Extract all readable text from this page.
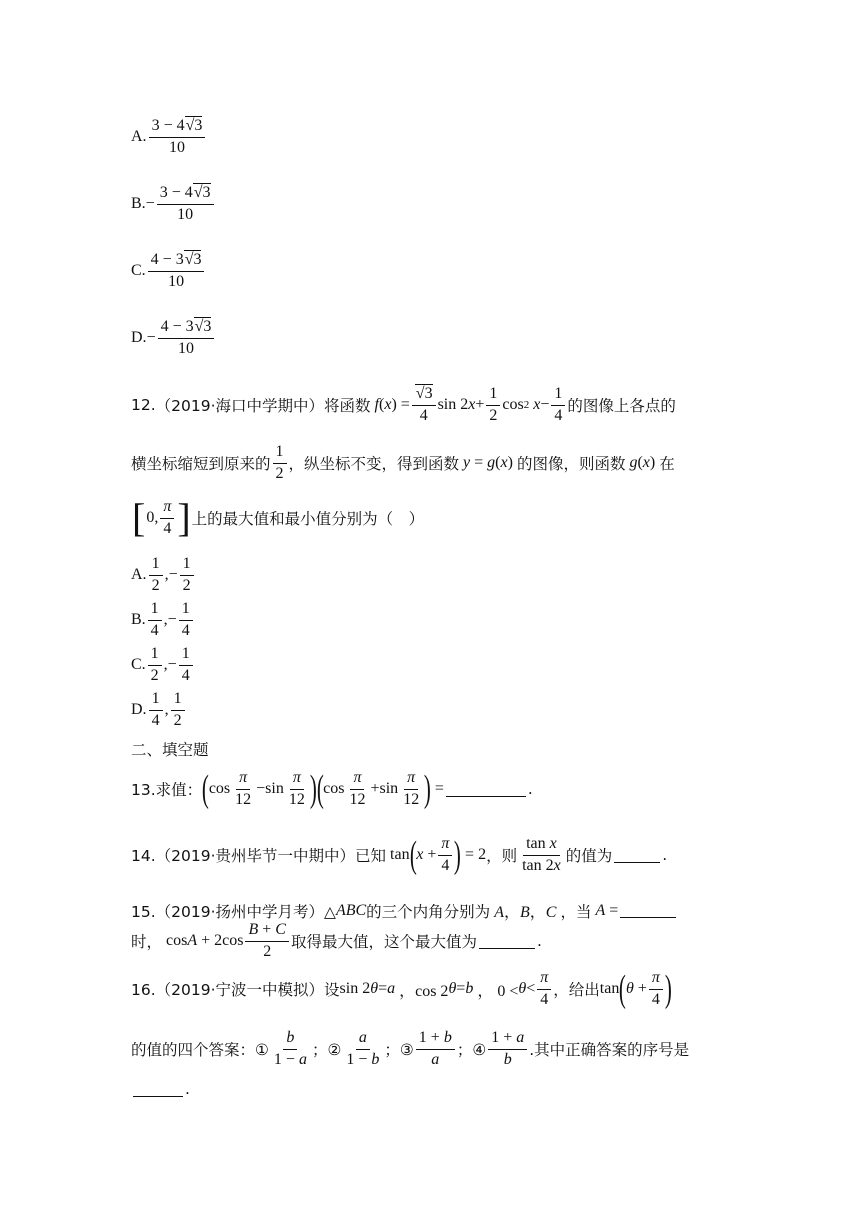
A. $\frac{3 - 4√3}{10}$
B. − $\frac{3 - 4√3}{10}$
C. $\frac{4 - 3√3}{10}$
D. − $\frac{4 - 3√3}{10}$
12. （2019·海口中学期中） 将函数 f ( x ) = $\frac{√3}{4}$ sin 2 $x + \frac{1}{2}$ cos 2
$x - \frac{1}{4}$ 的图像上各点的
横坐标缩短到原来的 $\frac{1}{2}$ ，纵坐标不变，得到函数 y = g(x) 的图像，则函数 g(x) 在
[ 0, $\frac{\pi}{4}$ ] 上的最大值和最小值分别为（　）
A. $\frac{1}{2}$ ,− $\frac{1}{2}$
B. $\frac{1}{4}$ ,− $\frac{1}{4}$
C. $\frac{1}{2}$ ,− $\frac{1}{4}$
D. $\frac{1}{4}$ , $\frac{1}{2}$
二、填空题
13.求值： ( $\cos \frac{\pi}{12} -\sin \frac{\pi}{12}$ ) ( $\cos \frac{\pi}{12} +\sin \frac{\pi}{12}$ ) =	.
14.（2019·贵州毕节一中期中）已知 tan ( $x + \frac{\pi}{4}$ ) = 2 ，则 $\frac{\text{tan x}}{\tan 2x}$ 的值为	.
15.（2019·扬州中学月考）△ ABC 的三个内角分别为 A，B，C ，当 A =
时， $\cos A + 2\cos \frac{B + C}{2}$ 取得最大值，这个最大值为	.
16.（2019·宁波一中模拟）设 sin 2 θ = a ，cos 2 θ = b ， $0 < \theta < \frac{\pi}{4}$ ，给出 tan ( $\theta + \frac{\pi}{4}$ )
的值的四个答案：① $\frac{b}{1 - a}$ ；② $\frac{a}{1 - b}$ ；③ $\frac{1 + b}{a}$ ；④ $\frac{1 + a}{b}$ .其中正确答案的序号是
.
